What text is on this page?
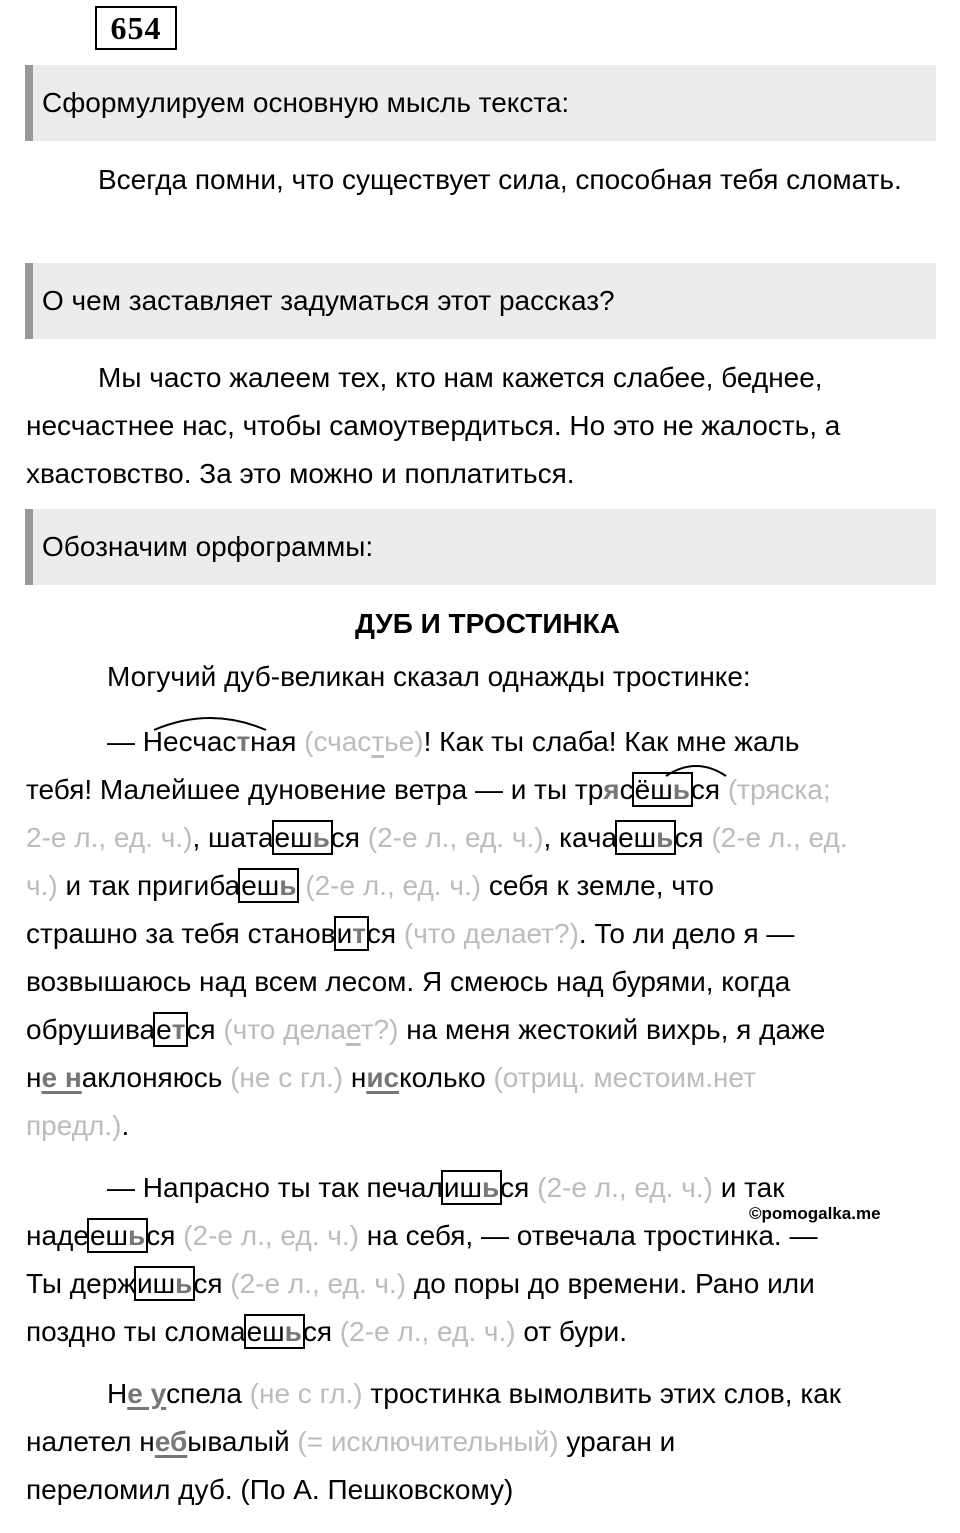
654
Сформулируем основную мысль текста:

Всегда помни, что существует сила, способная тебя сломать.

О чем заставляет задуматься этот рассказ?

Мы часто жалеем тех, кто нам кажется слабее, беднее, несчастнее нас, чтобы самоутвердиться. Но это не жалость, а хвастовство. За это можно и поплатиться.

Обозначим орфограммы:
ДУБ И ТРОСТИНКА

Могучий дуб-великан сказал однажды тростинке:

— Несчастная (счастье)! Как ты слаба! Как мне жаль

тебя! Малейшее дуновение ветра — и ты трясёшься (тряска;

2-е л., ед. ч.), шатаешься (2-е л., ед. ч.), качаешься (2-е л., ед.

ч.) и так пригибаешь (2-е л., ед. ч.) себя к земле, что

страшно за тебя становится (что делает?). То ли дело я —

возвышаюсь над всем лесом. Я смеюсь над бурями, когда

обрушивается (что делает?) на меня жестокий вихрь, я даже

не наклоняюсь (не с гл.) нисколько (отриц. местоим.нет

предл.).

— Напрасно ты так печалишься (2-е л., ед. ч.) и так

надеешься (2-е л., ед. ч.) на себя, — отвечала тростинка. —

Ты держишься (2-е л., ед. ч.) до поры до времени. Рано или

поздно ты сломаешься (2-е л., ед. ч.) от бури.

Не успела (не с гл.) тростинка вымолвить этих слов, как

налетел небывалый (= исключительный) ураган и

переломил дуб. (По А. Пешковскому)

©pomogalka.me
